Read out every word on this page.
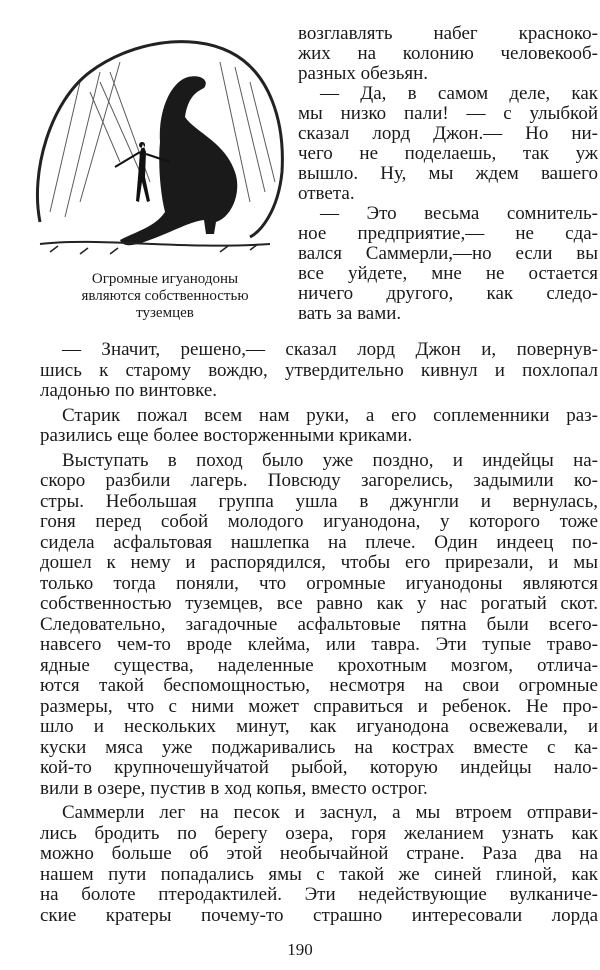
Огромные игуанодоны
являются собственностью
туземцев
возглавлять набег красноко-
жих на колонию человекооб-
разных обезьян.
— Да, в самом деле, как
мы низко пали! — с улыбкой
сказал лорд Джон.— Но ни-
чего не поделаешь, так уж
вышло. Ну, мы ждем вашего
ответа.
— Это весьма сомнитель-
ное предприятие,— не сда-
вался Саммерли,—но если вы
все уйдете, мне не остается
ничего другого, как следо-
вать за вами.
— Значит, решено,— сказал лорд Джон и, повернув-
шись к старому вождю, утвердительно кивнул и похлопал
ладонью по винтовке.
Старик пожал всем нам руки, а его соплеменники раз-
разились еще более восторженными криками.
Выступать в поход было уже поздно, и индейцы на-
скоро разбили лагерь. Повсюду загорелись, задымили ко-
стры. Небольшая группа ушла в джунгли и вернулась,
гоня перед собой молодого игуанодона, у которого тоже
сидела асфальтовая нашлепка на плече. Один индеец по-
дошел к нему и распорядился, чтобы его прирезали, и мы
только тогда поняли, что огромные игуанодоны являются
собственностью туземцев, все равно как у нас рогатый скот.
Следовательно, загадочные асфальтовые пятна были всего-
навсего чем-то вроде клейма, или тавра. Эти тупые траво-
ядные существа, наделенные крохотным мозгом, отлича-
ются такой беспомощностью, несмотря на свои огромные
размеры, что с ними может справиться и ребенок. Не про-
шло и нескольких минут, как игуанодона освежевали, и
куски мяса уже поджаривались на кострах вместе с ка-
кой-то крупночешуйчатой рыбой, которую индейцы нало-
вили в озере, пустив в ход копья, вместо острог.
Саммерли лег на песок и заснул, а мы втроем отправи-
лись бродить по берегу озера, горя желанием узнать как
можно больше об этой необычайной стране. Раза два на
нашем пути попадались ямы с такой же синей глиной, как
на болоте птеродактилей. Эти недействующие вулканиче-
ские кратеры почему-то страшно интересовали лорда
190
